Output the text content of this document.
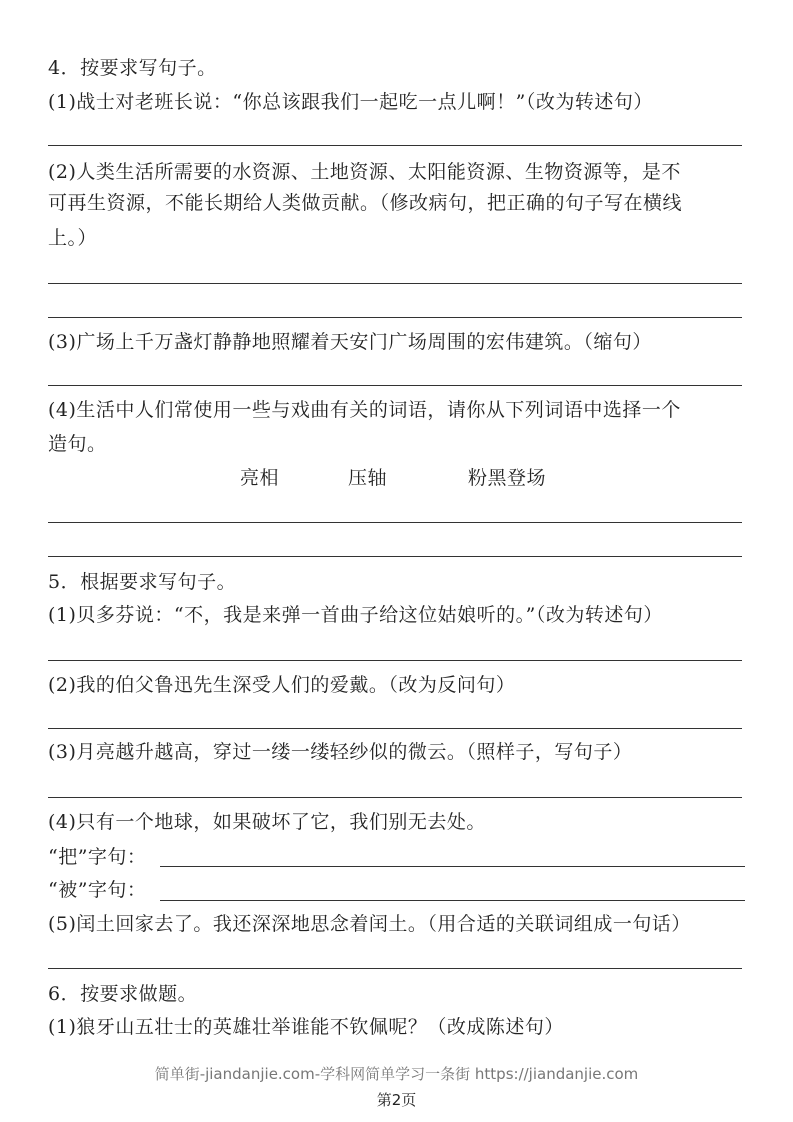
4．按要求写句子。
(1)战士对老班长说：“你总该跟我们一起吃一点儿啊！”（改为转述句）
(2)人类生活所需要的水资源、土地资源、太阳能资源、生物资源等，是不
可再生资源，不能长期给人类做贡献。（修改病句，把正确的句子写在横线
上。）
(3)广场上千万盏灯静静地照耀着天安门广场周围的宏伟建筑。（缩句）
(4)生活中人们常使用一些与戏曲有关的词语，请你从下列词语中选择一个
造句。
亮相	压轴	粉黑登场
5．根据要求写句子。
(1)贝多芬说：“不，我是来弹一首曲子给这位姑娘听的。”（改为转述句）
(2)我的伯父鲁迅先生深受人们的爱戴。（改为反问句）
(3)月亮越升越高，穿过一缕一缕轻纱似的微云。（照样子，写句子）
(4)只有一个地球，如果破坏了它，我们别无去处。
“把”字句：
“被”字句：
(5)闰土回家去了。我还深深地思念着闰土。（用合适的关联词组成一句话）
6．按要求做题。
(1)狼牙山五壮士的英雄壮举谁能不钦佩呢？（改成陈述句）
简单街-jiandanjie.com-学科网简单学习一条街 https://jiandanjie.com
第2页
